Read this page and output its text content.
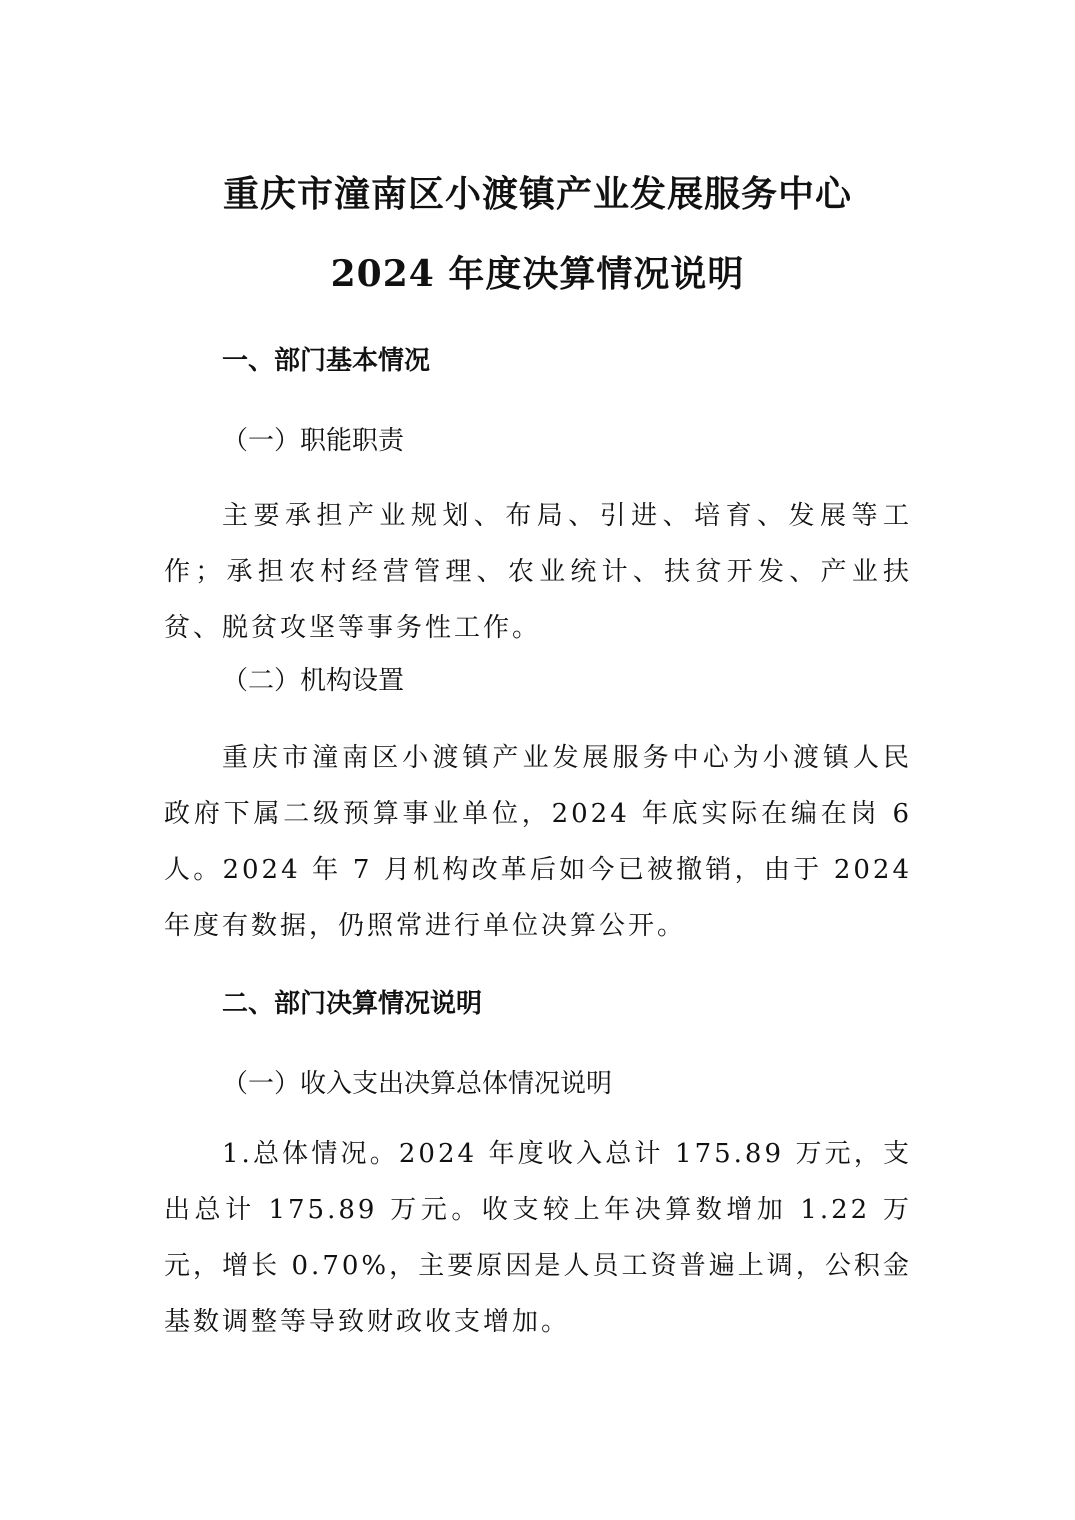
重庆市潼南区小渡镇产业发展服务中心
2024 年度决算情况说明
一、部门基本情况
（一）职能职责

主要承担产业规划、布局、引进、培育、发展等工作；承担农村经营管理、农业统计、扶贫开发、产业扶贫、脱贫攻坚等事务性工作。

（二）机构设置

重庆市潼南区小渡镇产业发展服务中心为小渡镇人民政府下属二级预算事业单位，2024 年底实际在编在岗 6 人。2024 年 7 月机构改革后如今已被撤销，由于 2024 年度有数据，仍照常进行单位决算公开。

二、部门决算情况说明
（一）收入支出决算总体情况说明

1.总体情况。2024 年度收入总计 175.89 万元，支出总计 175.89 万元。收支较上年决算数增加 1.22 万元，增长 0.70%，主要原因是人员工资普遍上调，公积金基数调整等导致财政收支增加。
